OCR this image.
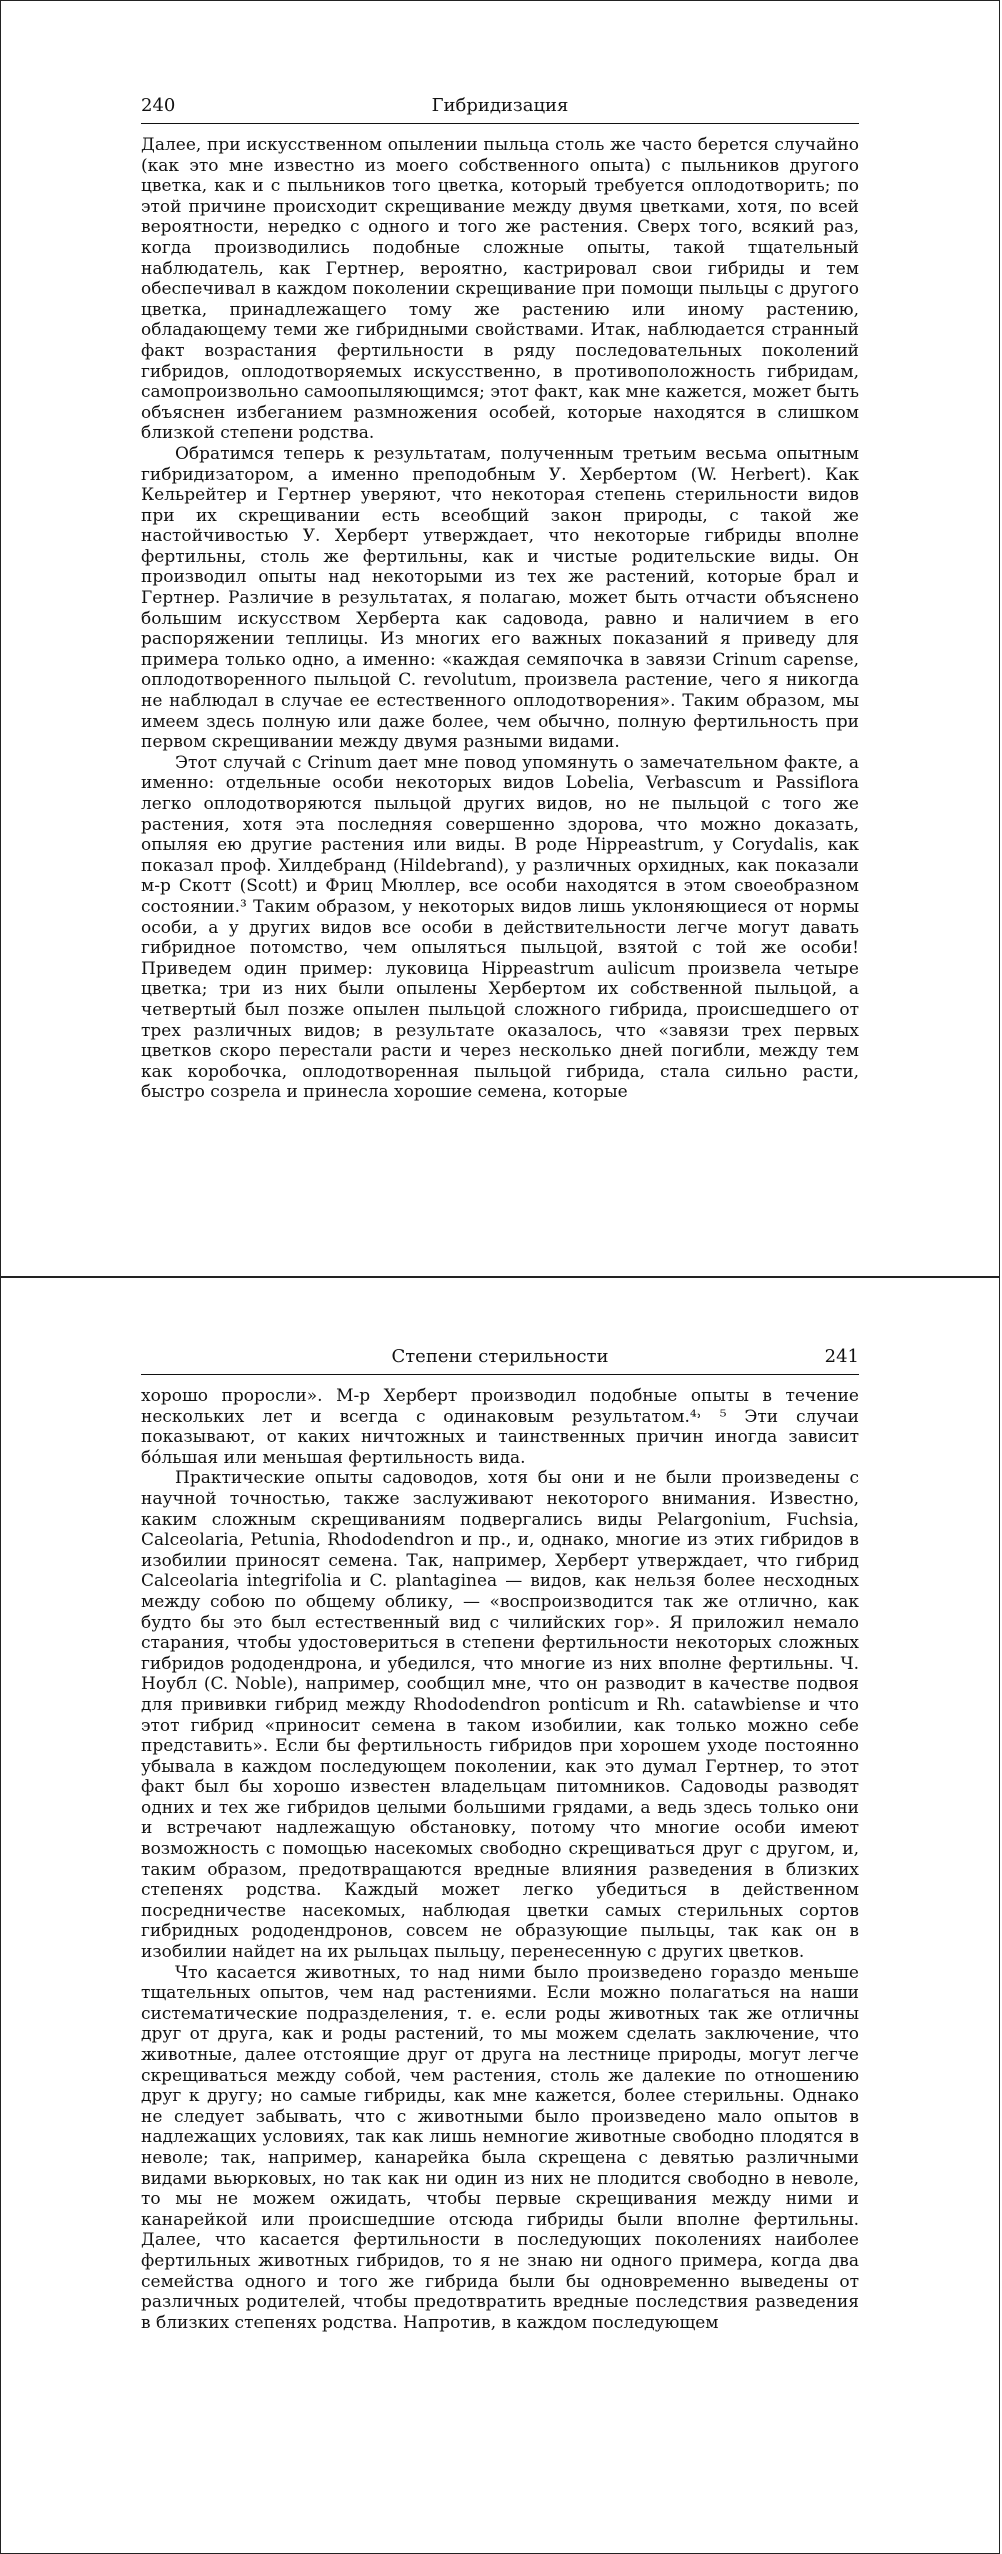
240	Гибридизация

Далее, при искусственном опылении пыльца столь же часто берется случайно (как это мне известно из моего собственного опыта) с пыльников другого цветка, как и с пыльников того цветка, который требуется оплодотворить; по этой причине происходит скрещивание между двумя цветками, хотя, по всей вероятности, нередко с одного и того же растения. Сверх того, всякий раз, когда производились подобные сложные опыты, такой тщательный наблюдатель, как Гертнер, вероятно, кастрировал свои гибриды и тем обеспечивал в каждом поколении скрещивание при помощи пыльцы с другого цветка, принадлежащего тому же растению или иному растению, обладающему теми же гибридными свойствами. Итак, наблюдается странный факт возрастания фертильности в ряду последовательных поколений гибридов, оплодотворяемых искусственно, в противоположность гибридам, самопроизвольно самоопыляющимся; этот факт, как мне кажется, может быть объяснен избеганием размножения особей, которые находятся в слишком близкой степени родства.

Обратимся теперь к результатам, полученным третьим весьма опытным гибридизатором, а именно преподобным У. Хербертом (W. Herbert). Как Кельрейтер и Гертнер уверяют, что некоторая степень стерильности видов при их скрещивании есть всеобщий закон природы, с такой же настойчивостью У. Херберт утверждает, что некоторые гибриды вполне фертильны, столь же фертильны, как и чистые родительские виды. Он производил опыты над некоторыми из тех же растений, которые брал и Гертнер. Различие в результатах, я полагаю, может быть отчасти объяснено большим искусством Херберта как садовода, равно и наличием в его распоряжении теплицы. Из многих его важных показаний я приведу для примера только одно, а именно: «каждая семяпочка в завязи Crinum capense, оплодотворенного пыльцой C. revolutum, произвела растение, чего я никогда не наблюдал в случае ее естественного оплодотворения». Таким образом, мы имеем здесь полную или даже более, чем обычно, полную фертильность при первом скрещивании между двумя разными видами.

Этот случай с Crinum дает мне повод упомянуть о замечательном факте, а именно: отдельные особи некоторых видов Lobelia, Verbascum и Passiflora легко оплодотворяются пыльцой других видов, но не пыльцой с того же растения, хотя эта последняя совершенно здорова, что можно доказать, опыляя ею другие растения или виды. В роде Hippeastrum, у Corydalis, как показал проф. Хилдебранд (Hildebrand), у различных орхидных, как показали м-р Скотт (Scott) и Фриц Мюллер, все особи находятся в этом своеобразном состоянии.³ Таким образом, у некоторых видов лишь уклоняющиеся от нормы особи, а у других видов все особи в действительности легче могут давать гибридное потомство, чем опыляться пыльцой, взятой с той же особи! Приведем один пример: луковица Hippeastrum aulicum произвела четыре цветка; три из них были опылены Хербертом их собственной пыльцой, а четвертый был позже опылен пыльцой сложного гибрида, происшедшего от трех различных видов; в результате оказалось, что «завязи трех первых цветков скоро перестали расти и через несколько дней погибли, между тем как коробочка, оплодотворенная пыльцой гибрида, стала сильно расти, быстро созрела и принесла хорошие семена, которые

Степени стерильности	241

хорошо проросли». М-р Херберт производил подобные опыты в течение нескольких лет и всегда с одинаковым результатом.⁴˒ ⁵ Эти случаи показывают, от каких ничтожных и таинственных причин иногда зависит бóльшая или меньшая фертильность вида.

Практические опыты садоводов, хотя бы они и не были произведены с научной точностью, также заслуживают некоторого внимания. Известно, каким сложным скрещиваниям подвергались виды Pelargonium, Fuchsia, Calceolaria, Petunia, Rhododendron и пр., и, однако, многие из этих гибридов в изобилии приносят семена. Так, например, Херберт утверждает, что гибрид Calceolaria integrifolia и C. plantaginea — видов, как нельзя более несходных между собою по общему облику, — «воспроизводится так же отлично, как будто бы это был естественный вид с чилийских гор». Я приложил немало старания, чтобы удостовериться в степени фертильности некоторых сложных гибридов рододендрона, и убедился, что многие из них вполне фертильны. Ч. Ноубл (C. Noble), например, сообщил мне, что он разводит в качестве подвоя для прививки гибрид между Rhododendron ponticum и Rh. catawbiense и что этот гибрид «приносит семена в таком изобилии, как только можно себе представить». Если бы фертильность гибридов при хорошем уходе постоянно убывала в каждом последующем поколении, как это думал Гертнер, то этот факт был бы хорошо известен владельцам питомников. Садоводы разводят одних и тех же гибридов целыми большими грядами, а ведь здесь только они и встречают надлежащую обстановку, потому что многие особи имеют возможность с помощью насекомых свободно скрещиваться друг с другом, и, таким образом, предотвращаются вредные влияния разведения в близких степенях родства. Каждый может легко убедиться в действенном посредничестве насекомых, наблюдая цветки самых стерильных сортов гибридных рододендронов, совсем не образующие пыльцы, так как он в изобилии найдет на их рыльцах пыльцу, перенесенную с других цветков.

Что касается животных, то над ними было произведено гораздо меньше тщательных опытов, чем над растениями. Если можно полагаться на наши систематические подразделения, т. е. если роды животных так же отличны друг от друга, как и роды растений, то мы можем сделать заключение, что животные, далее отстоящие друг от друга на лестнице природы, могут легче скрещиваться между собой, чем растения, столь же далекие по отношению друг к другу; но самые гибриды, как мне кажется, более стерильны. Однако не следует забывать, что с животными было произведено мало опытов в надлежащих условиях, так как лишь немногие животные свободно плодятся в неволе; так, например, канарейка была скрещена с девятью различными видами вьюрковых, но так как ни один из них не плодится свободно в неволе, то мы не можем ожидать, чтобы первые скрещивания между ними и канарейкой или происшедшие отсюда гибриды были вполне фертильны. Далее, что касается фертильности в последующих поколениях наиболее фертильных животных гибридов, то я не знаю ни одного примера, когда два семейства одного и того же гибрида были бы одновременно выведены от различных родителей, чтобы предотвратить вредные последствия разведения в близких степенях родства. Напротив, в каждом последующем
